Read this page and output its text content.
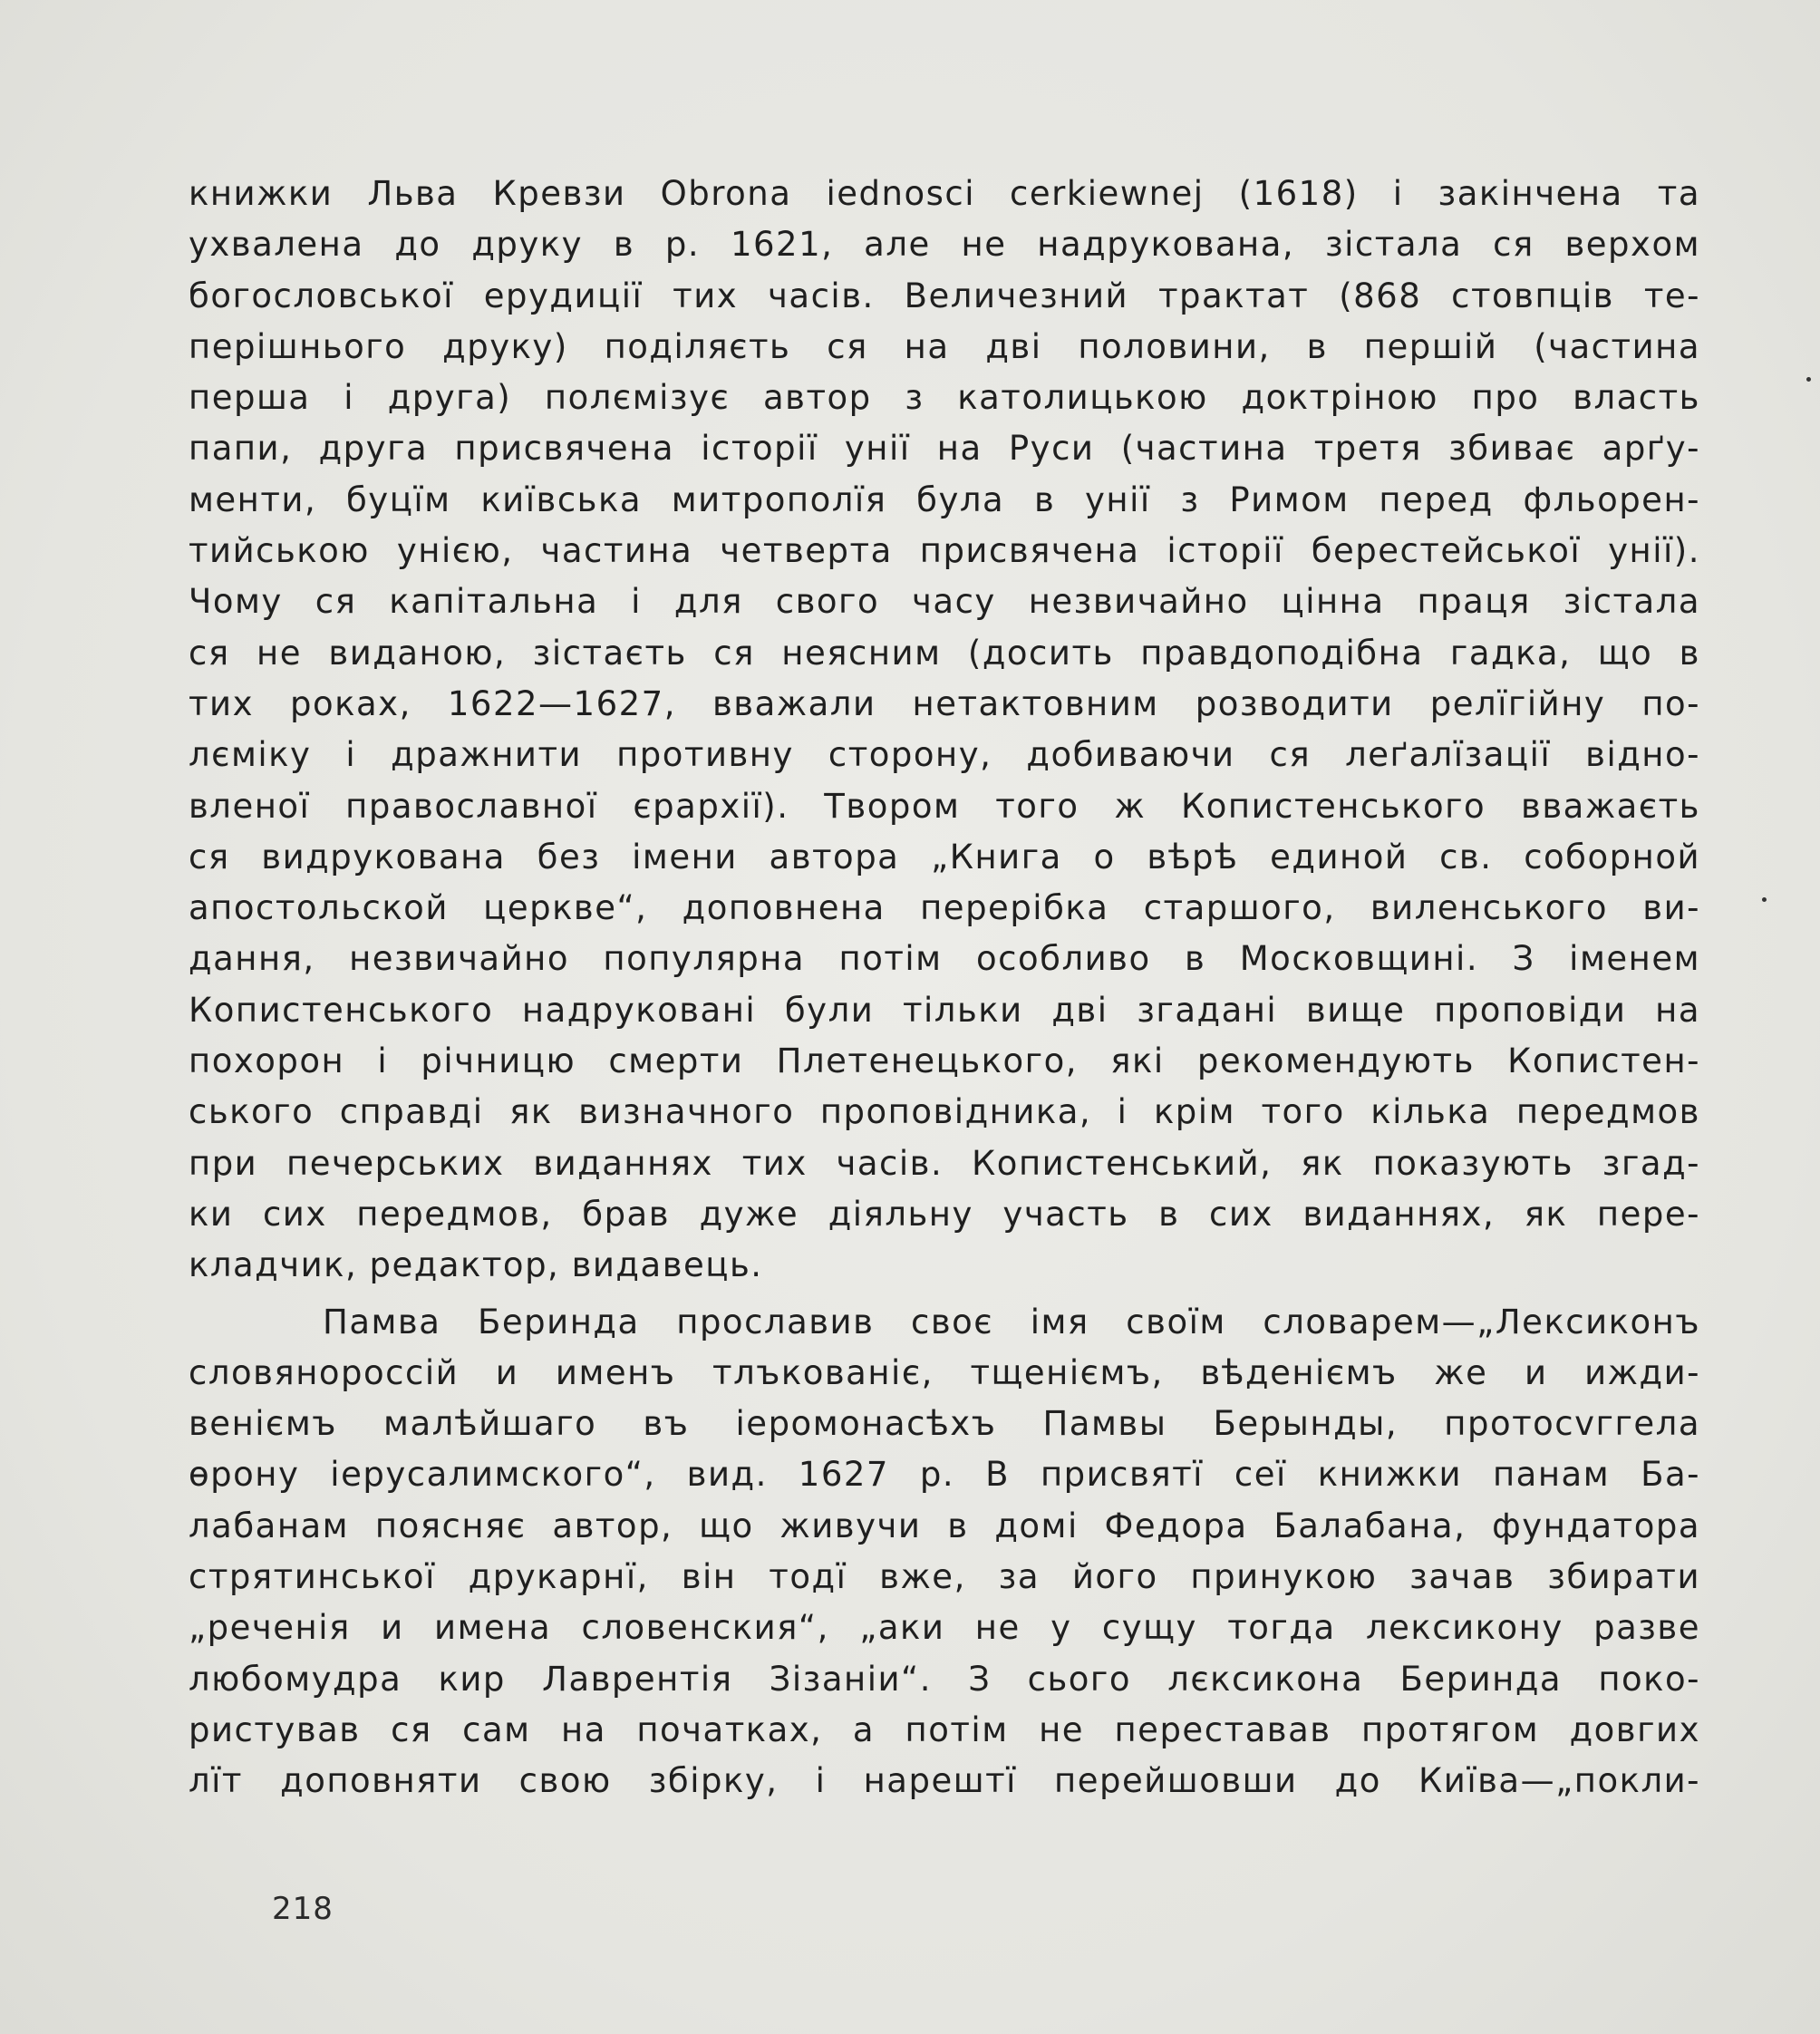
книжки Льва Кревзи Obrona iednosci cerkiewnej (1618) і закінчена та
ухвалена до друку в р. 1621, але не надрукована, зістала ся верхом
богословської ерудиції тих часів. Величезний трактат (868 стовпців те-
перішнього друку) поділяєть ся на дві половини, в першій (частина
перша і друга) полємізує автор з католицькою доктріною про власть
папи, друга присвячена історії унії на Руси (частина третя збиває арґу-
менти, буцїм київська митрополїя була в унії з Римом перед фльорен-
тийською унією, частина четверта присвячена історії берестейської унії).
Чому ся капітальна і для свого часу незвичайно цінна праця зістала
ся не виданою, зістаєть ся неясним (досить правдоподібна гадка, що в
тих роках, 1622—1627, вважали нетактовним розводити релїгійну по-
лєміку і дражнити противну сторону, добиваючи ся леґалїзації відно-
вленої православної єрархії). Твором того ж Копистенського вважаєть
ся видрукована без імени автора „Книга о вѣрѣ единой св. соборной
апостольской церкве“, доповнена перерібка старшого, виленського ви-
дання, незвичайно популярна потім особливо в Московщині. З іменем
Копистенського надруковані були тільки дві згадані вище проповіди на
похорон і річницю смерти Плетенецького, які рекомендують Копистен-
ського справді як визначного проповідника, і крім того кілька передмов
при печерських виданнях тих часів. Копистенський, як показують згад-
ки сих передмов, брав дуже діяльну участь в сих виданнях, як пере-
кладчик, редактор, видавець.
Памва Беринда прославив своє імя своїм словарем—„Лексиконъ
словянороссiй и именъ тлъкованіє, тщеніємъ, вѣденіємъ же и ижди-
веніємъ малѣйшаго въ іеромонасѣхъ Памвы Берынды, протосvггела
ѳрону іерусалимского“, вид. 1627 р. В присвятї сеї книжки панам Ба-
лабанам поясняє автор, що живучи в домі Федора Балабана, фундатора
стрятинської друкарнї, він тодї вже, за його принукою зачав збирати
„реченія и имена словенския“, „аки не у сущу тогда лексикону разве
любомудра кир Лаврентія Зізанiи“. З сього лєксикона Беринда поко-
ристував ся сам на початках, а потім не переставав протягом довгих
лїт доповняти свою збірку, і нарештї перейшовши до Київа—„покли-
218
